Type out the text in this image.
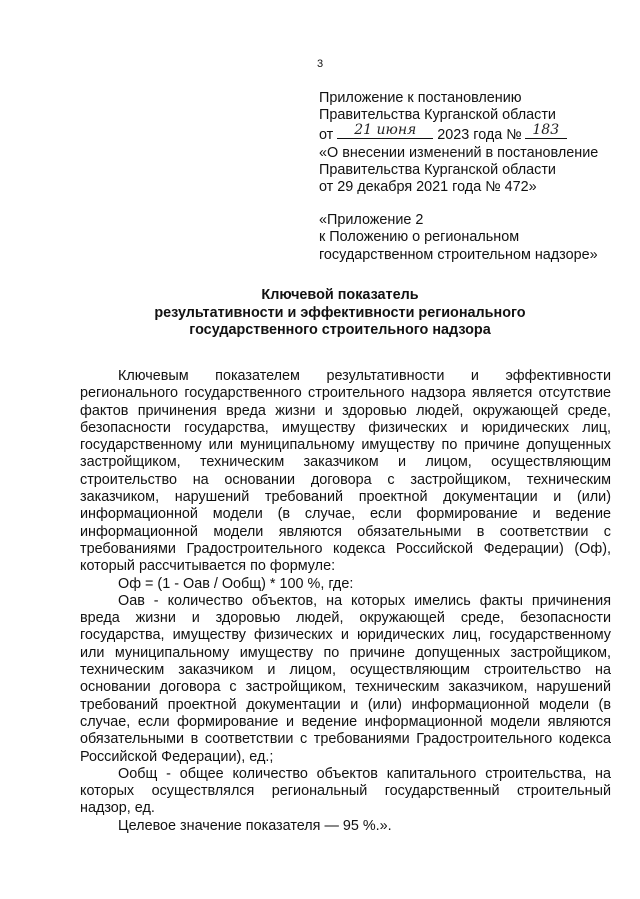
3
Приложение к постановлению
Правительства Курганской области
от	21 июня	2023 года № 183
«О внесении изменений в постановление
Правительства Курганской области
от 29 декабря 2021 года № 472»
«Приложение 2
к Положению о региональном
государственном строительном надзоре»
Ключевой показатель
результативности и эффективности регионального
государственного строительного надзора

Ключевым показателем результативности и эффективности регионального государственного строительного надзора является отсутствие фактов причинения вреда жизни и здоровью людей, окружающей среде, безопасности государства, имуществу физических и юридических лиц, государственному или муниципальному имуществу по причине допущенных застройщиком, техническим заказчиком и лицом, осуществляющим строительство на основании договора с застройщиком, техническим заказчиком, нарушений требований проектной документации и (или) информационной модели (в случае, если формирование и ведение информационной модели являются обязательными в соответствии с требованиями Градостроительного кодекса Российской Федерации) (Оф), который рассчитывается по формуле:

Оф = (1 - Оав / Ообщ) * 100 %, где:

Оав - количество объектов, на которых имелись факты причинения вреда жизни и здоровью людей, окружающей среде, безопасности государства, имуществу физических и юридических лиц, государственному или муниципальному имуществу по причине допущенных застройщиком, техническим заказчиком и лицом, осуществляющим строительство на основании договора с застройщиком, техническим заказчиком, нарушений требований проектной документации и (или) информационной модели (в случае, если формирование и ведение информационной модели являются обязательными в соответствии с требованиями Градостроительного кодекса Российской Федерации), ед.;

Ообщ - общее количество объектов капитального строительства, на которых осуществлялся региональный государственный строительный надзор, ед.

Целевое значение показателя — 95 %.».
